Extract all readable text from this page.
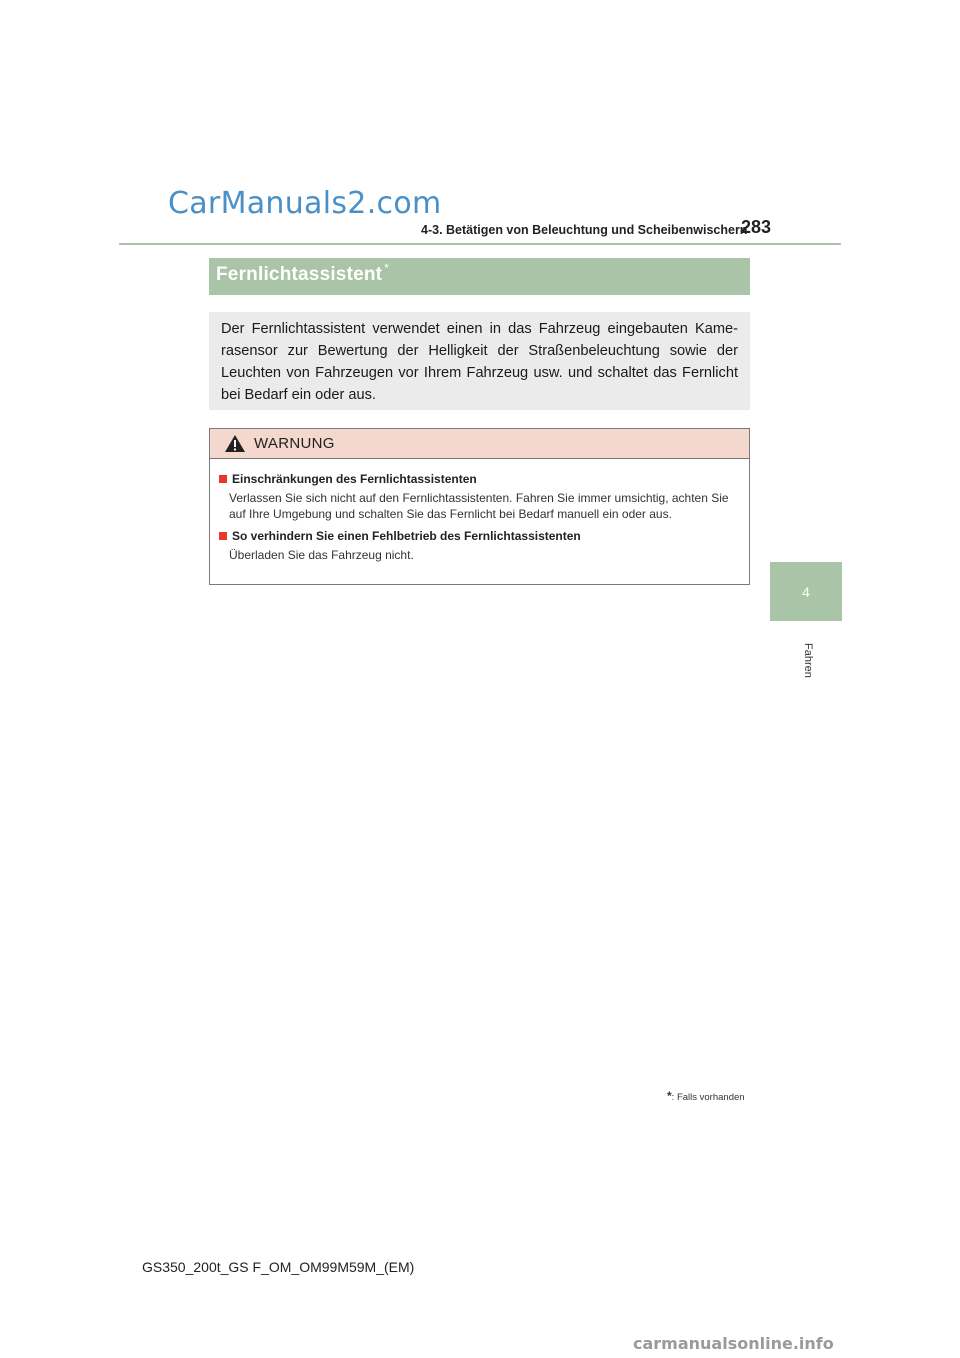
CarManuals2.com
4-3. Betätigen von Beleuchtung und Scheibenwischern
283
4
Fahren
Fernlichtassistent *

Der Fernlichtassistent verwendet einen in das Fahrzeug eingebauten Kamerasensor zur Bewertung der Helligkeit der Straßenbeleuchtung sowie der Leuchten von Fahrzeugen vor Ihrem Fahrzeug usw. und schaltet das Fernlicht bei Bedarf ein oder aus.

WARNUNG
Einschränkungen des Fernlichtassistenten
Verlassen Sie sich nicht auf den Fernlichtassistenten. Fahren Sie immer umsichtig, achten Sie auf Ihre Umgebung und schalten Sie das Fernlicht bei Bedarf manuell ein oder aus.
So verhindern Sie einen Fehlbetrieb des Fernlichtassistenten
Überladen Sie das Fahrzeug nicht.
*: Falls vorhanden
GS350_200t_GS F_OM_OM99M59M_(EM)
carmanualsonline.info
